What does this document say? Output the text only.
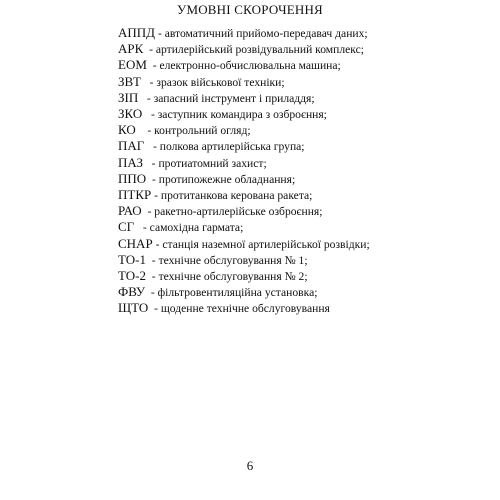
УМОВНІ СКОРОЧЕННЯ
АППД - автоматичний прийомо-передавач даних;
АРК  - артилерійський розвідувальний комплекс;
ЕОМ  - електронно-обчислювальна машина;
ЗВТ   - зразок військової техніки;
ЗІП   - запасний інструмент і приладдя;
ЗКО   - заступник командира з озброєння;
КО    - контрольний огляд;
ПАГ   - полкова артилерійська група;
ПАЗ   - протиатомний захист;
ППО  - протипожежне обладнання;
ПТКР - протитанкова керована ракета;
РАО  - ракетно-артилерійське озброєння;
СГ   - самохідна гармата;
СНАР - станція наземної артилерійської розвідки;
ТО-1  - технічне обслуговування № 1;
ТО-2  - технічне обслуговування № 2;
ФВУ  - фільтровентиляційна установка;
ЩТО  - щоденне технічне обслуговування
6
